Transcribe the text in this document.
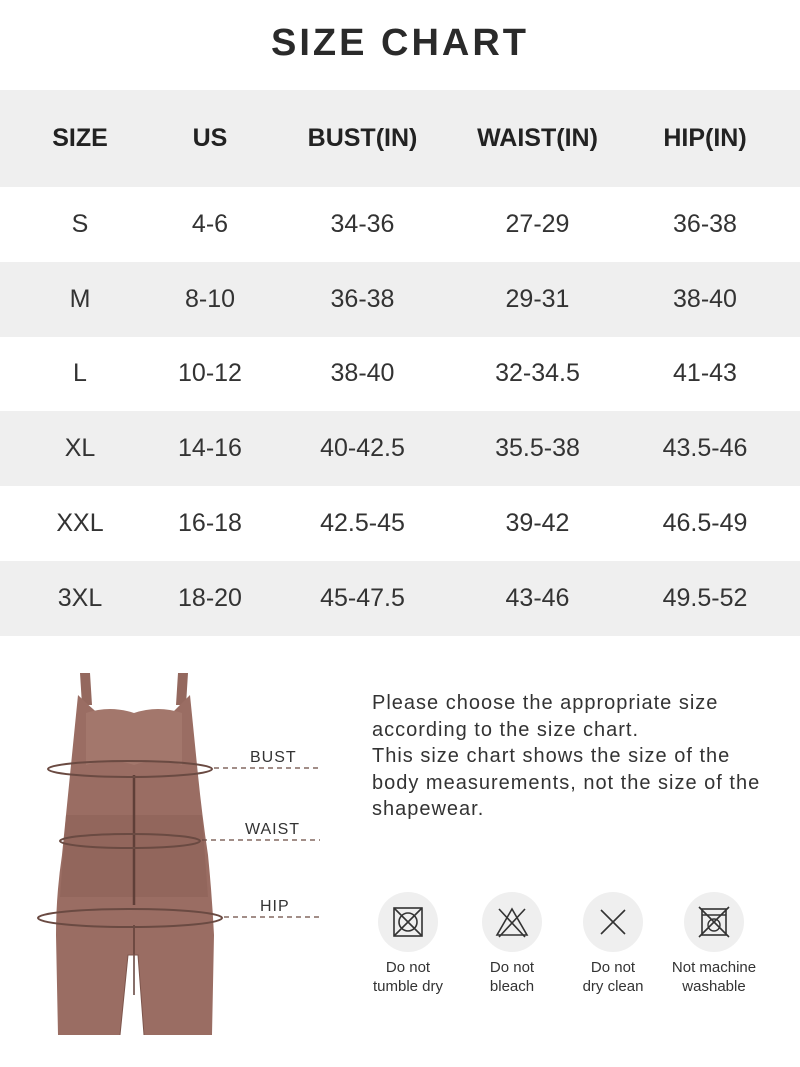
SIZE CHART
SIZE	US	BUST(IN)	WAIST(IN)	HIP(IN)
S	4-6	34-36	27-29	36-38
M	8-10	36-38	29-31	38-40
L	10-12	38-40	32-34.5	41-43
XL	14-16	40-42.5	35.5-38	43.5-46
XXL	16-18	42.5-45	39-42	46.5-49
3XL	18-20	45-47.5	43-46	49.5-52
BUST
WAIST
HIP

Please choose the appropriate size according to the size chart.

This size chart shows the size of the body measurements, not the size of the shapewear.

Do not
tumble dry
Do not
bleach
Do not
dry clean
Not machine
washable
